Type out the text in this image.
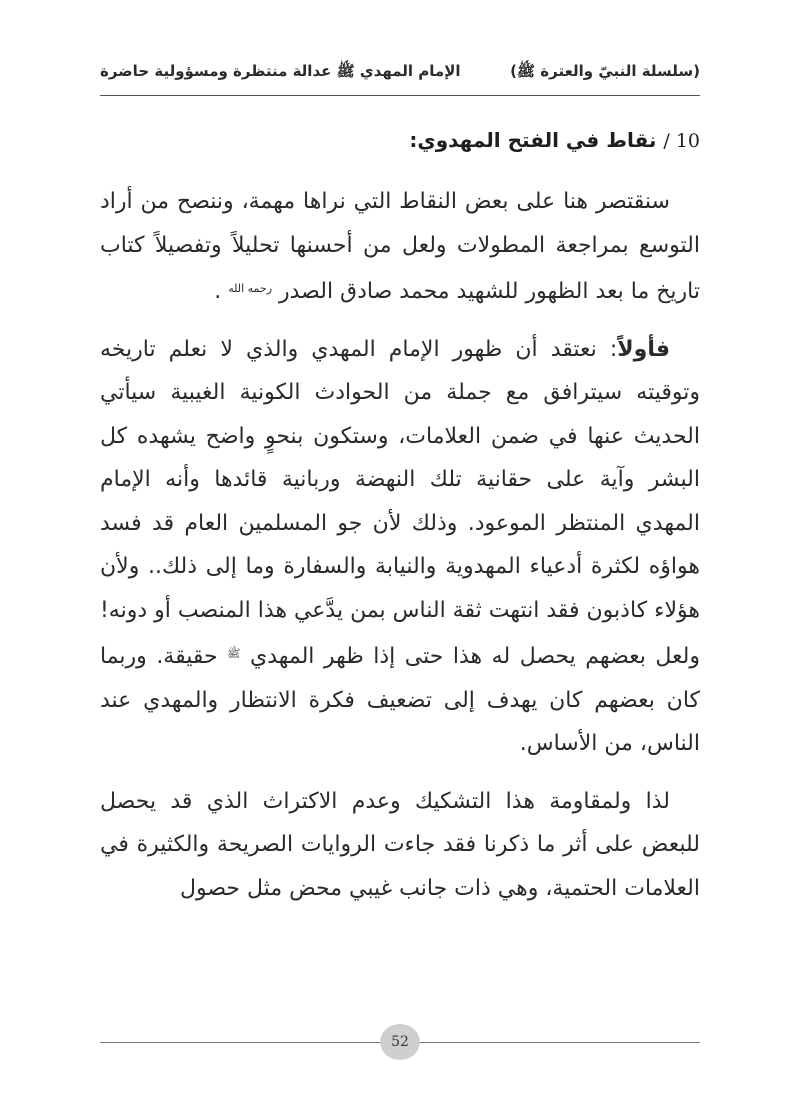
(سلسلة النبيّ والعترة ﷺ)
الإمام المهدي ﷺ عدالة منتظرة ومسؤولية حاضرة
10 / نقاط في الفتح المهدوي:

سنقتصر هنا على بعض النقاط التي نراها مهمة، وننصح من أراد التوسع بمراجعة المطولات ولعل من أحسنها تحليلاً وتفصيلاً كتاب تاريخ ما بعد الظهور للشهيد محمد صادق الصدر $^{رحمه الله}$ .

فأولاً: نعتقد أن ظهور الإمام المهدي والذي لا نعلم تاريخه وتوقيته سيترافق مع جملة من الحوادث الكونية الغيبية سيأتي الحديث عنها في ضمن العلامات، وستكون بنحوٍ واضح يشهده كل البشر وآية على حقانية تلك النهضة وربانية قائدها وأنه الإمام المهدي المنتظر الموعود. وذلك لأن جو المسلمين العام قد فسد هواؤه لكثرة أدعياء المهدوية والنيابة والسفارة وما إلى ذلك.. ولأن هؤلاء كاذبون فقد انتهت ثقة الناس بمن يدَّعي هذا المنصب أو دونه! ولعل بعضهم يحصل له هذا حتى إذا ظهر المهدي $^ﷺ$ حقيقة. وربما كان بعضهم كان يهدف إلى تضعيف فكرة الانتظار والمهدي عند الناس، من الأساس.

لذا ولمقاومة هذا التشكيك وعدم الاكتراث الذي قد يحصل للبعض على أثر ما ذكرنا فقد جاءت الروايات الصريحة والكثيرة في العلامات الحتمية، وهي ذات جانب غيبي محض مثل حصول

52
